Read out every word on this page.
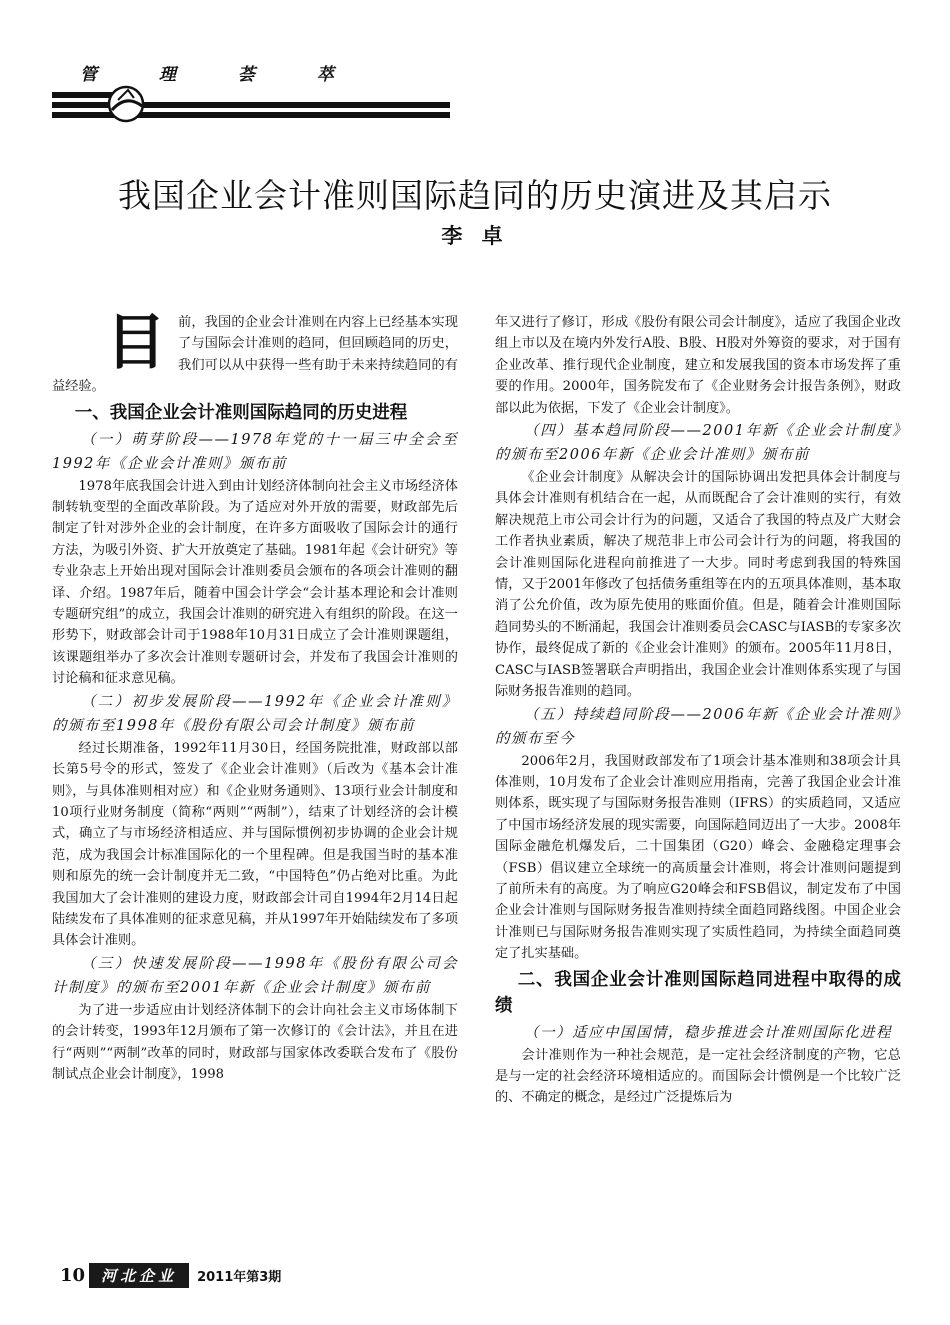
管 理 荟 萃
我国企业会计准则国际趋同的历史演进及其启示
李 卓
目 前，我国的企业会计准则在内容上已经基本实现了与国际会计准则的趋同，但回顾趋同的历史，我们可以从中获得一些有助于未来持续趋同的有益经验。

一、我国企业会计准则国际趋同的历史进程

（一）萌芽阶段——1978年党的十一届三中全会至1992年《企业会计准则》颁布前

1978年底我国会计进入到由计划经济体制向社会主义市场经济体制转轨变型的全面改革阶段。为了适应对外开放的需要，财政部先后制定了针对涉外企业的会计制度，在许多方面吸收了国际会计的通行方法，为吸引外资、扩大开放奠定了基础。1981年起《会计研究》等专业杂志上开始出现对国际会计准则委员会颁布的各项会计准则的翻译、介绍。1987年后，随着中国会计学会“会计基本理论和会计准则专题研究组”的成立，我国会计准则的研究进入有组织的阶段。在这一形势下，财政部会计司于1988年10月31日成立了会计准则课题组，该课题组举办了多次会计准则专题研讨会，并发布了我国会计准则的讨论稿和征求意见稿。

（二）初步发展阶段——1992年《企业会计准则》的颁布至1998年《股份有限公司会计制度》颁布前

经过长期准备，1992年11月30日，经国务院批准，财政部以部长第5号令的形式，签发了《企业会计准则》（后改为《基本会计准则》，与具体准则相对应）和《企业财务通则》、13项行业会计制度和10项行业财务制度（简称“两则”“两制”），结束了计划经济的会计模式，确立了与市场经济相适应、并与国际惯例初步协调的企业会计规范，成为我国会计标准国际化的一个里程碑。但是我国当时的基本准则和原先的统一会计制度并无二致，“中国特色”仍占绝对比重。为此我国加大了会计准则的建设力度，财政部会计司自1994年2月14日起陆续发布了具体准则的征求意见稿，并从1997年开始陆续发布了多项具体会计准则。

（三）快速发展阶段——1998年《股份有限公司会计制度》的颁布至2001年新《企业会计制度》颁布前

为了进一步适应由计划经济体制下的会计向社会主义市场体制下的会计转变，1993年12月颁布了第一次修订的《会计法》，并且在进行“两则”“两制”改革的同时，财政部与国家体改委联合发布了《股份制试点企业会计制度》，1998

年又进行了修订，形成《股份有限公司会计制度》，适应了我国企业改组上市以及在境内外发行A股、B股、H股对外筹资的要求，对于国有企业改革、推行现代企业制度，建立和发展我国的资本市场发挥了重要的作用。2000年，国务院发布了《企业财务会计报告条例》，财政部以此为依据，下发了《企业会计制度》。

（四）基本趋同阶段——2001年新《企业会计制度》的颁布至2006年新《企业会计准则》颁布前

《企业会计制度》从解决会计的国际协调出发把具体会计制度与具体会计准则有机结合在一起，从而既配合了会计准则的实行，有效解决规范上市公司会计行为的问题，又适合了我国的特点及广大财会工作者执业素质，解决了规范非上市公司会计行为的问题，将我国的会计准则国际化进程向前推进了一大步。同时考虑到我国的特殊国情，又于2001年修改了包括债务重组等在内的五项具体准则，基本取消了公允价值，改为原先使用的账面价值。但是，随着会计准则国际趋同势头的不断涌起，我国会计准则委员会CASC与IASB的专家多次协作，最终促成了新的《企业会计准则》的颁布。2005年11月8日，CASC与IASB签署联合声明指出，我国企业会计准则体系实现了与国际财务报告准则的趋同。

（五）持续趋同阶段——2006年新《企业会计准则》的颁布至今

2006年2月，我国财政部发布了1项会计基本准则和38项会计具体准则，10月发布了企业会计准则应用指南，完善了我国企业会计准则体系，既实现了与国际财务报告准则（IFRS）的实质趋同，又适应了中国市场经济发展的现实需要，向国际趋同迈出了一大步。2008年国际金融危机爆发后，二十国集团（G20）峰会、金融稳定理事会（FSB）倡议建立全球统一的高质量会计准则，将会计准则问题提到了前所未有的高度。为了响应G20峰会和FSB倡议，制定发布了中国企业会计准则与国际财务报告准则持续全面趋同路线图。中国企业会计准则已与国际财务报告准则实现了实质性趋同，为持续全面趋同奠定了扎实基础。

二、我国企业会计准则国际趋同进程中取得的成绩

（一）适应中国国情，稳步推进会计准则国际化进程

会计准则作为一种社会规范，是一定社会经济制度的产物，它总是与一定的社会经济环境相适应的。而国际会计惯例是一个比较广泛的、不确定的概念，是经过广泛提炼后为

10	河北企业	2011年第3期
